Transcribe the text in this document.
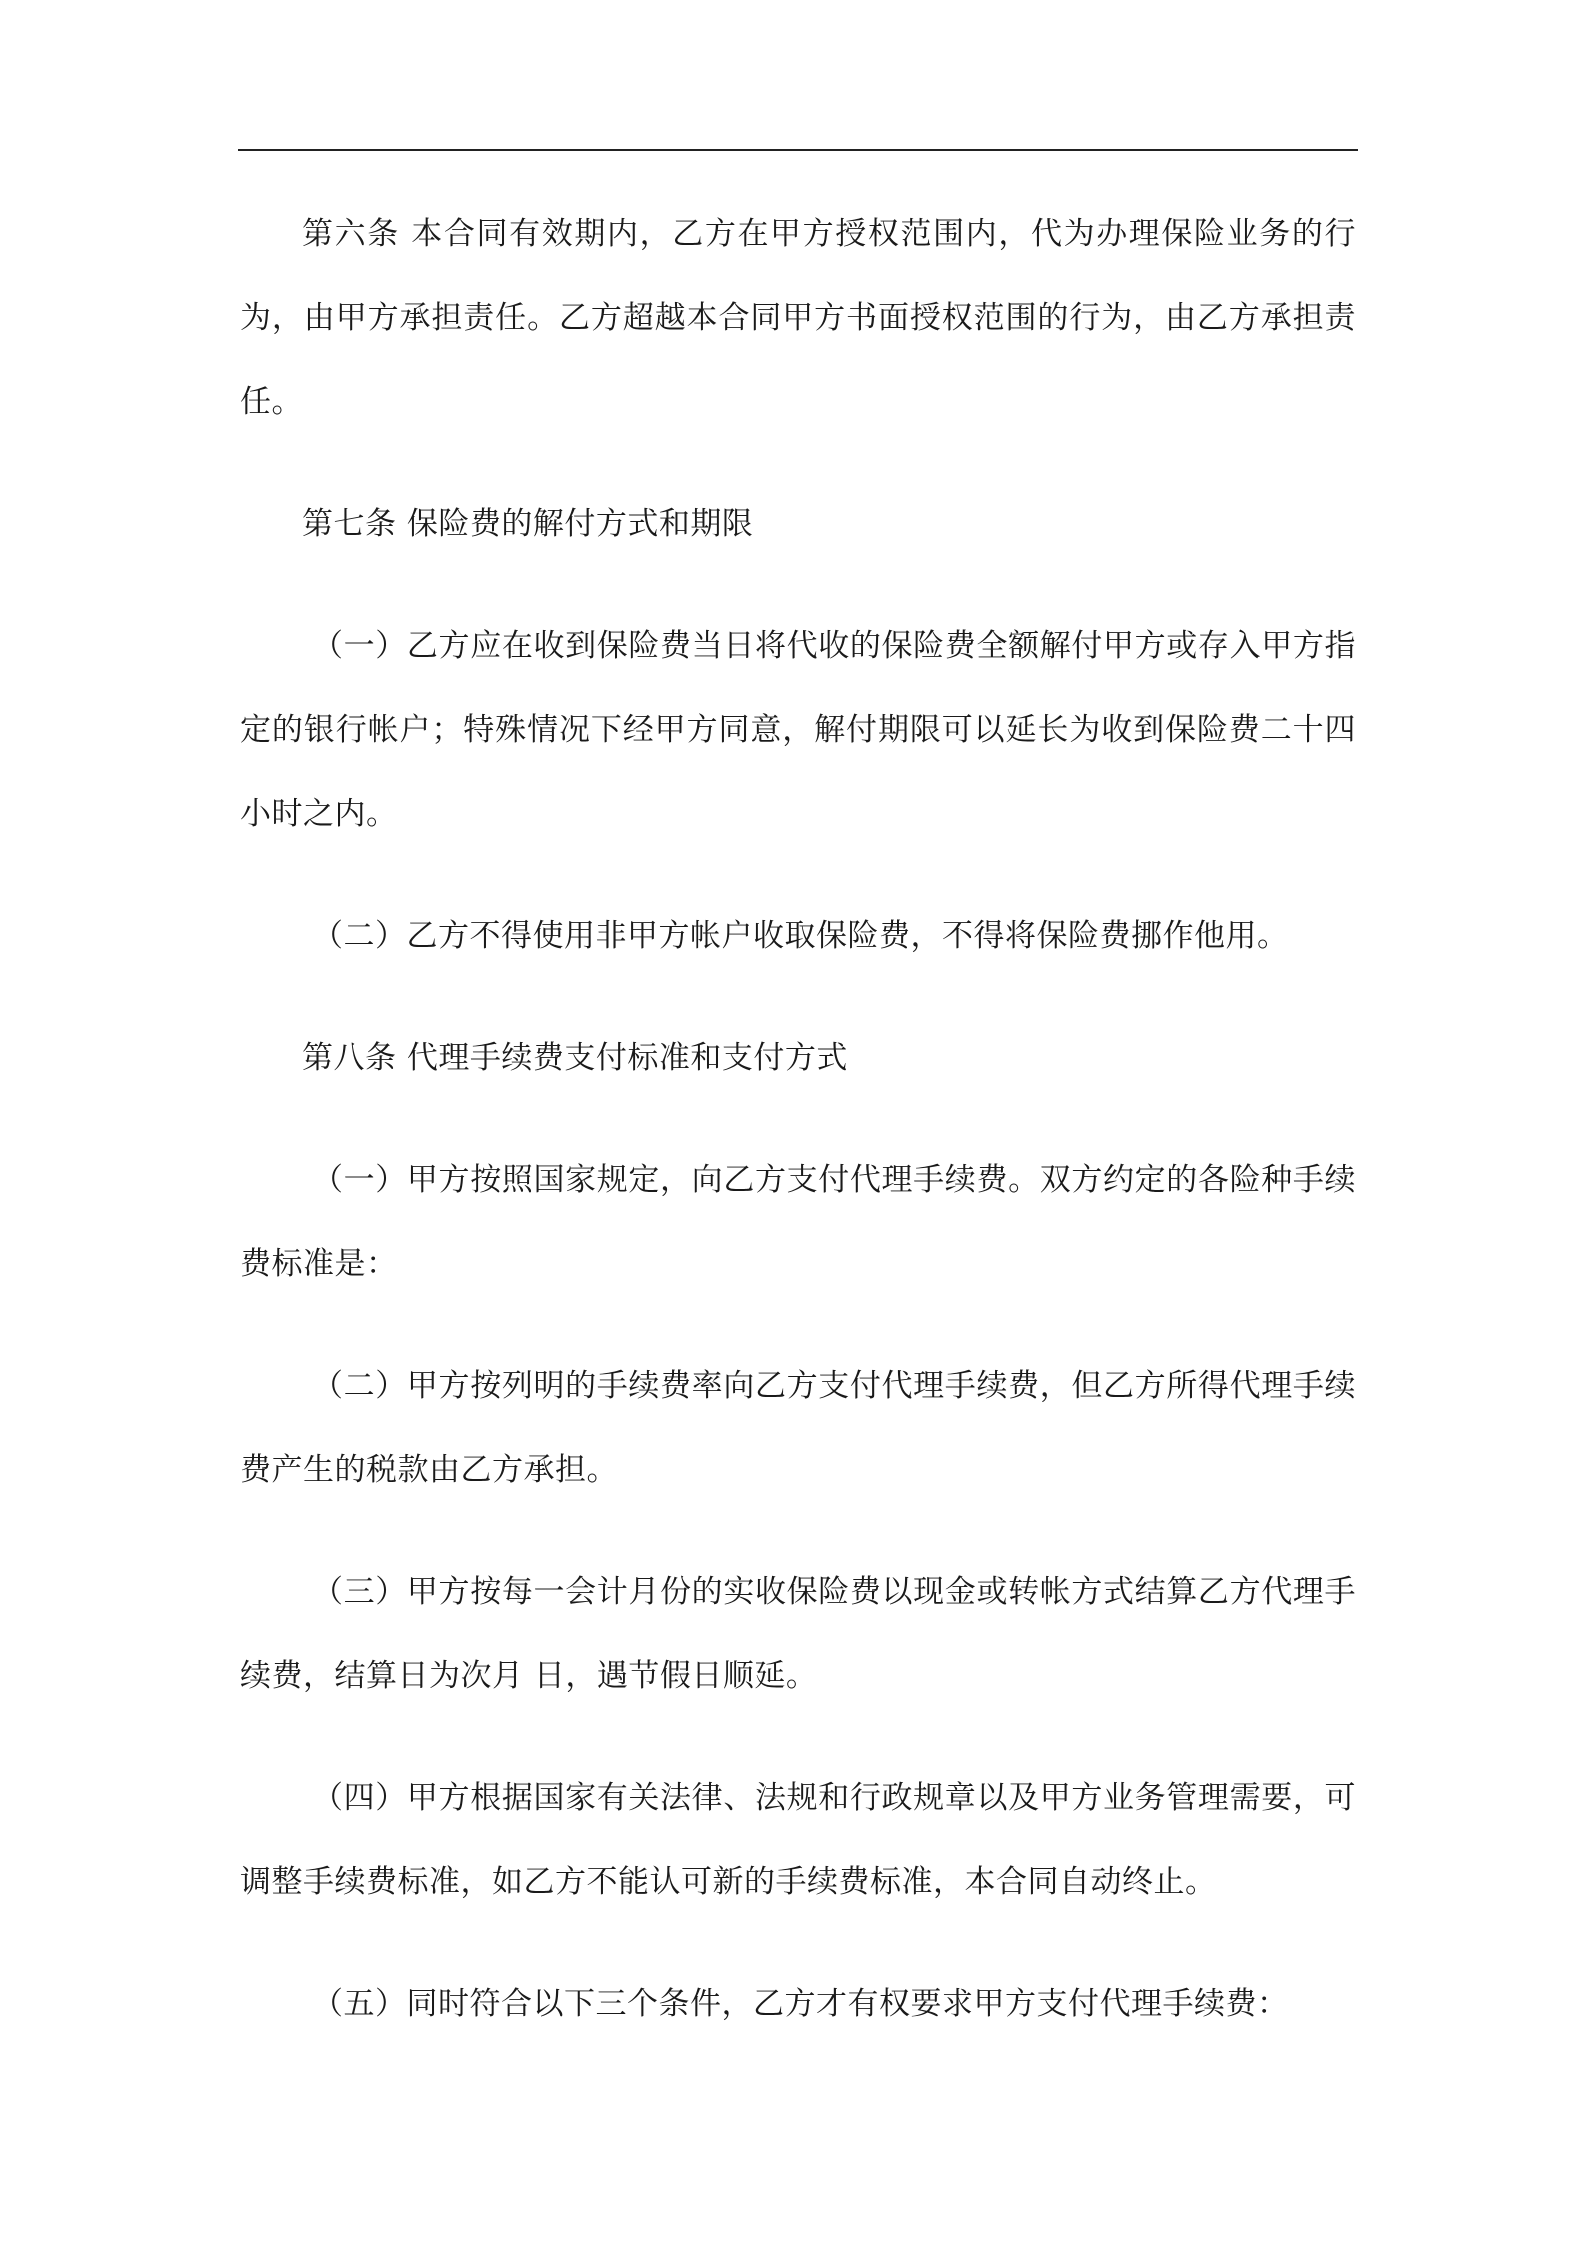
第六条 本合同有效期内，乙方在甲方授权范围内，代为办理保险业务的行为，由甲方承担责任。乙方超越本合同甲方书面授权范围的行为，由乙方承担责任。

第七条 保险费的解付方式和期限

（一）乙方应在收到保险费当日将代收的保险费全额解付甲方或存入甲方指定的银行帐户；特殊情况下经甲方同意，解付期限可以延长为收到保险费二十四小时之内。

（二）乙方不得使用非甲方帐户收取保险费，不得将保险费挪作他用。

第八条 代理手续费支付标准和支付方式

（一）甲方按照国家规定，向乙方支付代理手续费。双方约定的各险种手续费标准是：

（二）甲方按列明的手续费率向乙方支付代理手续费，但乙方所得代理手续费产生的税款由乙方承担。

（三）甲方按每一会计月份的实收保险费以现金或转帐方式结算乙方代理手续费，结算日为次月 日，遇节假日顺延。

（四）甲方根据国家有关法律、法规和行政规章以及甲方业务管理需要，可调整手续费标准，如乙方不能认可新的手续费标准，本合同自动终止。

（五）同时符合以下三个条件，乙方才有权要求甲方支付代理手续费：
